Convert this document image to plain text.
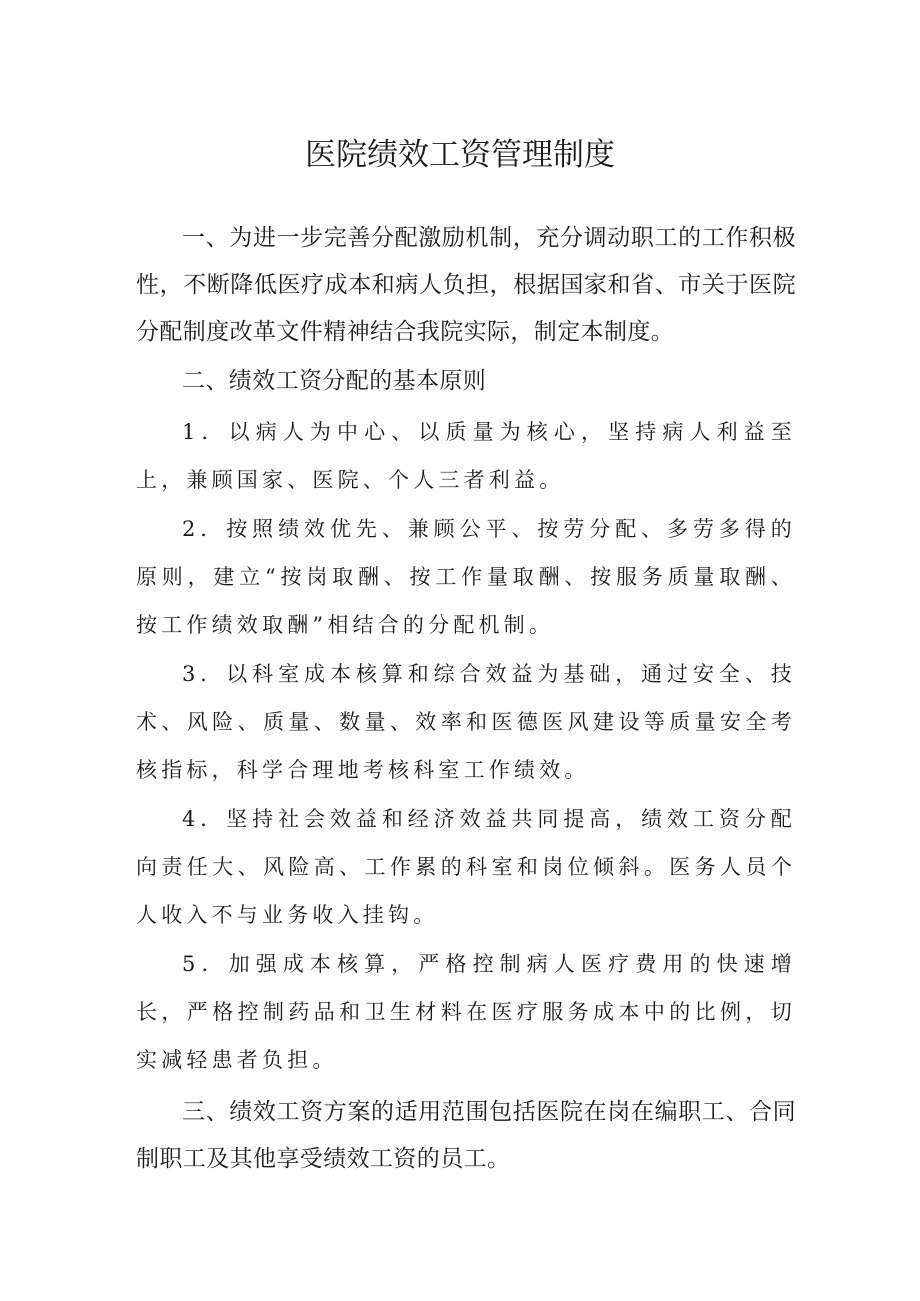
医院绩效工资管理制度

一、为进一步完善分配激励机制，充分调动职工的工作积极性，不断降低医疗成本和病人负担，根据国家和省、市关于医院分配制度改革文件精神结合我院实际，制定本制度。

二、绩效工资分配的基本原则

1．以病人为中心、以质量为核心，坚持病人利益至上，兼顾国家、医院、个人三者利益。

2．按照绩效优先、兼顾公平、按劳分配、多劳多得的原则，建立“按岗取酬、按工作量取酬、按服务质量取酬、按工作绩效取酬”相结合的分配机制。

3．以科室成本核算和综合效益为基础，通过安全、技术、风险、质量、数量、效率和医德医风建设等质量安全考核指标，科学合理地考核科室工作绩效。

4．坚持社会效益和经济效益共同提高，绩效工资分配向责任大、风险高、工作累的科室和岗位倾斜。医务人员个人收入不与业务收入挂钩。

5．加强成本核算，严格控制病人医疗费用的快速增长，严格控制药品和卫生材料在医疗服务成本中的比例，切实减轻患者负担。

三、绩效工资方案的适用范围包括医院在岗在编职工、合同制职工及其他享受绩效工资的员工。
